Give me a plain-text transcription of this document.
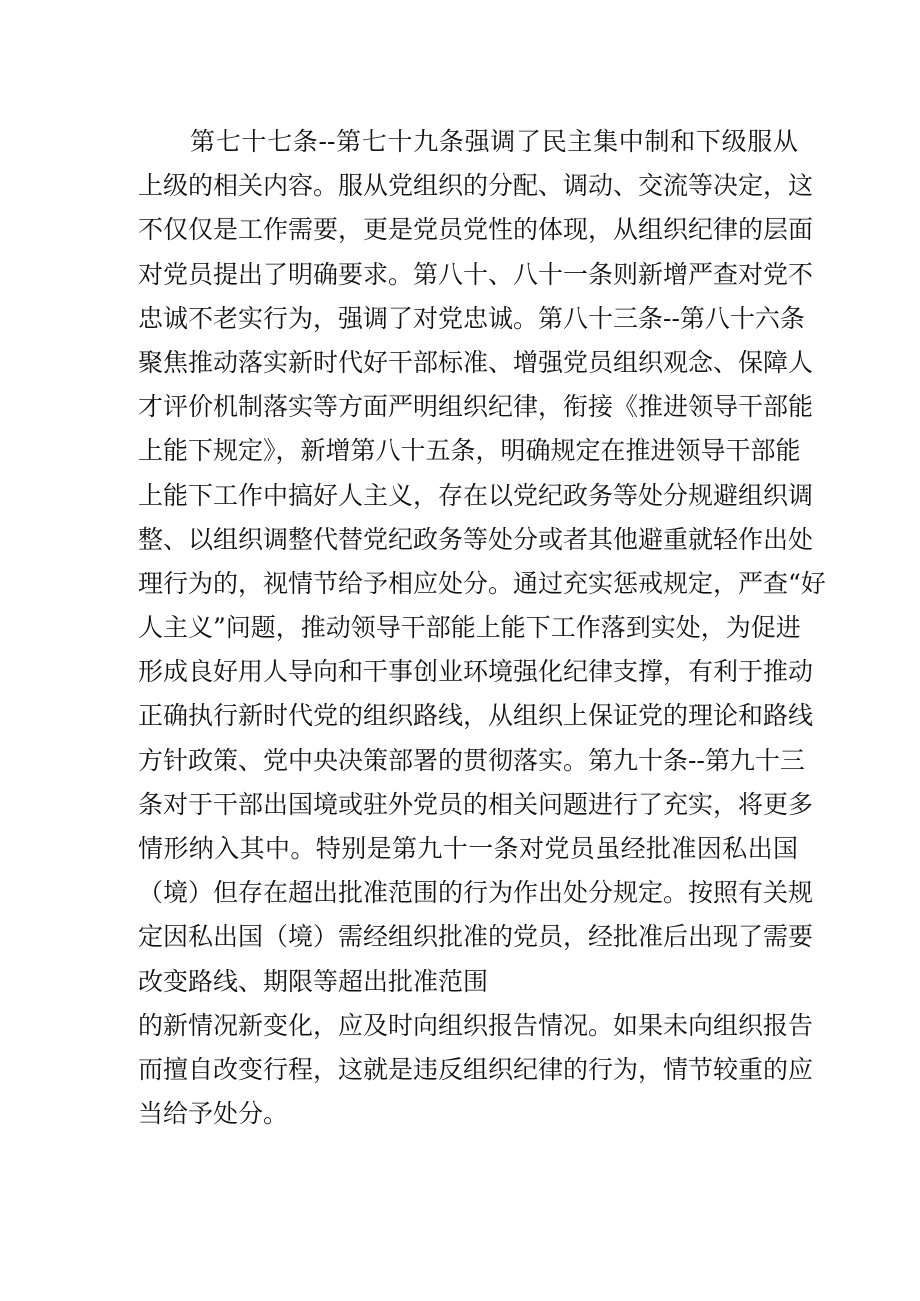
第七十七条--第七十九条强调了民主集中制和下级服从
上级的相关内容。服从党组织的分配、调动、交流等决定，这
不仅仅是工作需要，更是党员党性的体现，从组织纪律的层面
对党员提出了明确要求。第八十、八十一条则新增严查对党不
忠诚不老实行为，强调了对党忠诚。第八十三条--第八十六条
聚焦推动落实新时代好干部标准、增强党员组织观念、保障人
才评价机制落实等方面严明组织纪律，衔接《推进领导干部能
上能下规定》，新增第八十五条，明确规定在推进领导干部能
上能下工作中搞好人主义，存在以党纪政务等处分规避组织调
整、以组织调整代替党纪政务等处分或者其他避重就轻作出处
理行为的，视情节给予相应处分。通过充实惩戒规定，严查“好
人主义”问题，推动领导干部能上能下工作落到实处，为促进
形成良好用人导向和干事创业环境强化纪律支撑，有利于推动
正确执行新时代党的组织路线，从组织上保证党的理论和路线
方针政策、党中央决策部署的贯彻落实。第九十条--第九十三
条对于干部出国境或驻外党员的相关问题进行了充实，将更多
情形纳入其中。特别是第九十一条对党员虽经批准因私出国
（境）但存在超出批准范围的行为作出处分规定。按照有关规
定因私出国（境）需经组织批准的党员，经批准后出现了需要
改变路线、期限等超出批准范围
的新情况新变化，应及时向组织报告情况。如果未向组织报告
而擅自改变行程，这就是违反组织纪律的行为，情节较重的应
当给予处分。
